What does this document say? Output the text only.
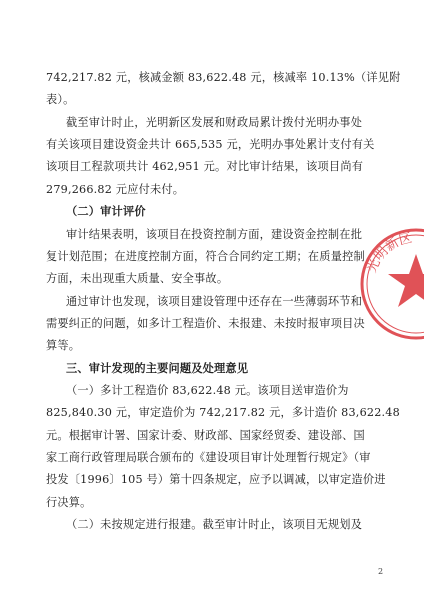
光明新区
742,217.82 元，核减金额 83,622.48 元，核减率 10.13%（详见附
表）。
截至审计时止，光明新区发展和财政局累计拨付光明办事处
有关该项目建设资金共计 665,535 元，光明办事处累计支付有关
该项目工程款项共计 462,951 元。对比审计结果，该项目尚有
279,266.82 元应付未付。
（二）审计评价
审计结果表明，该项目在投资控制方面，建设资金控制在批
复计划范围；在进度控制方面，符合合同约定工期；在质量控制
方面，未出现重大质量、安全事故。
通过审计也发现，该项目建设管理中还存在一些薄弱环节和
需要纠正的问题，如多计工程造价、未报建、未按时报审项目决
算等。
三、审计发现的主要问题及处理意见
（一）多计工程造价 83,622.48 元。该项目送审造价为
825,840.30 元，审定造价为 742,217.82 元，多计造价 83,622.48
元。根据审计署、国家计委、财政部、国家经贸委、建设部、国
家工商行政管理局联合颁布的《建设项目审计处理暂行规定》（审
投发〔1996〕105 号）第十四条规定，应予以调减，以审定造价进
行决算。
（二）未按规定进行报建。截至审计时止，该项目无规划及
2
